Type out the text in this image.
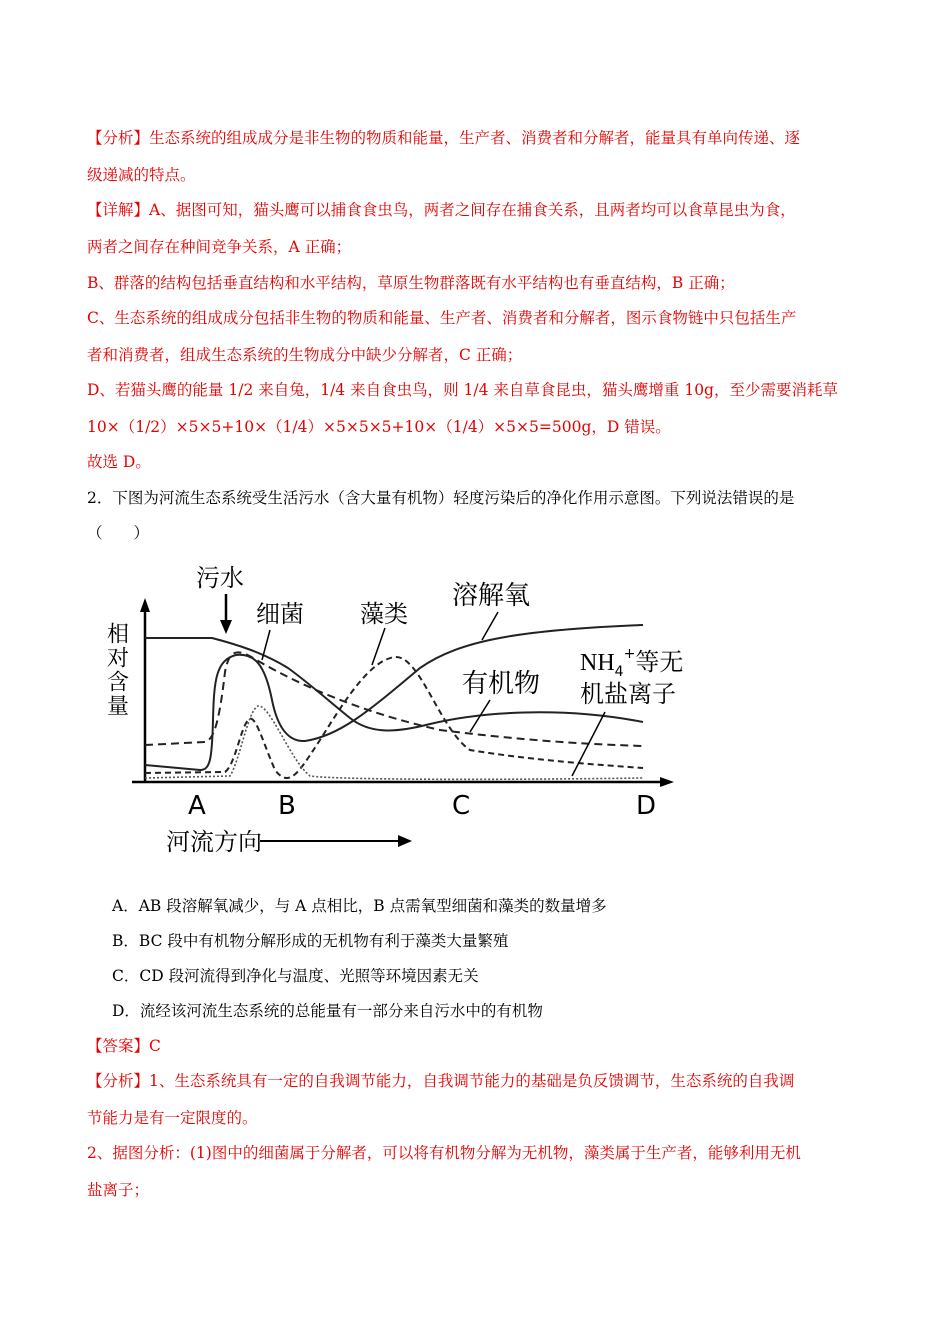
【分析】生态系统的组成成分是非生物的物质和能量，生产者、消费者和分解者，能量具有单向传递、逐
级递减的特点。
【详解】A、据图可知，猫头鹰可以捕食食虫鸟，两者之间存在捕食关系，且两者均可以食草昆虫为食，
两者之间存在种间竞争关系，A 正确；
B、群落的结构包括垂直结构和水平结构，草原生物群落既有水平结构也有垂直结构，B 正确；
C、生态系统的组成成分包括非生物的物质和能量、生产者、消费者和分解者，图示食物链中只包括生产
者和消费者，组成生态系统的生物成分中缺少分解者，C 正确；
D、若猫头鹰的能量 1/2 来自兔，1/4 来自食虫鸟，则 1/4 来自草食昆虫，猫头鹰增重 10g，至少需要消耗草
10×（1/2）×5×5+10×（1/4）×5×5×5+10×（1/4）×5×5=500g，D 错误。
故选 D。
2．下图为河流生态系统受生活污水（含大量有机物）轻度污染后的净化作用示意图。下列说法错误的是
（　　）
污水
细菌 藻类
溶解氧
有机物
$NH_4^+$等无
机盐离子
相对含量
A	B	C	D
河流方向
A．AB 段溶解氧减少，与 A 点相比，B 点需氧型细菌和藻类的数量增多
B．BC 段中有机物分解形成的无机物有利于藻类大量繁殖
C．CD 段河流得到净化与温度、光照等环境因素无关
D．流经该河流生态系统的总能量有一部分来自污水中的有机物
【答案】C
【分析】1、生态系统具有一定的自我调节能力，自我调节能力的基础是负反馈调节，生态系统的自我调
节能力是有一定限度的。
2、据图分析：(1)图中的细菌属于分解者，可以将有机物分解为无机物，藻类属于生产者，能够利用无机
盐离子；
